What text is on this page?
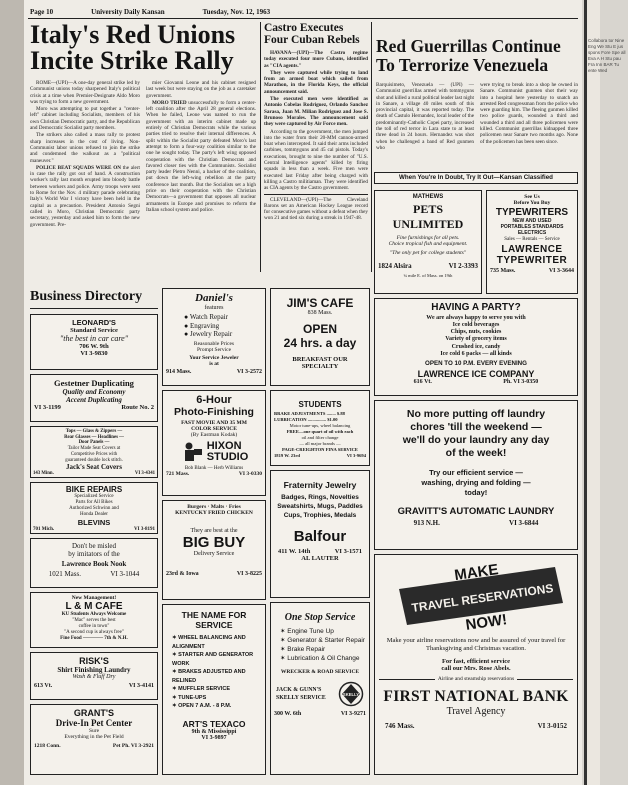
Page 10	University Daily Kansan	Tuesday, Nov. 12, 1963
Italy's Red Unions Incite Strike Rally

ROME—(UPI)—A one-day general strike led by Communist unions today sharpened Italy's political crisis at a time when Premier-Designate Aldo Moro was trying to form a new government.

Moro was attempting to put together a "center-left" cabinet including Socialists, members of his own Christian Democratic party, and the Republican and Democratic Socialist party members.

The strikers also called a mass rally to protest sharp increases in the cost of living. Non-Communist labor unions refused to join the strike and condemned the walkout as a "political maneuver."

POLICE BEAT SQUADS WERE ON the alert in case the rally got out of hand. A construction worker's rally last month erupted into bloody battle between workers and police. Army troops were sent to Rome for the Nov. 4 military parade celebrating Italy's World War I victory have been held in the capital as a precaution. President Antonio Segni called in Moro, Christian Democratic party secretary, yesterday and asked him to form the new government. Pre-

mier Giovanni Leone and his cabinet resigned last week but were staying on the job as a caretaker government.

MORO TRIED unsuccessfully to form a center-left coalition after the April 28 general elections. When he failed, Leone was named to run the government with an interim cabinet made up entirely of Christian Democrats while the various parties tried to resolve their internal differences. A split within the Socialist party defeated Moro's last attempt to form a four-way coalition similar to the one he sought today. The party's left wing opposed cooperation with the Christian Democrats and favored closer ties with the Communists. Socialist party leader Pietro Nenni, a backer of the coalition, put down the left-wing rebellion at the party conference last month. But the Socialists set a high price on their cooperation with the Christian Democrats—a government that opposes all nuclear armaments in Europe and promises to reform the Italian school system and police.

Castro Executes Four Cuban Rebels

HAVANA—(UPI)—The Castro regime today executed four more Cubans, identified as "CIA agents."

They were captured while trying to land from an armed boat which sailed from Marathon, in the Florida Keys, the official announcement said.

The executed men were identified as Antonio Cobelas Rodriguez, Orlando Sanchez Sarasa, Juan M. Milian Rodriguez and Jose S. Brunoso Morales. The announcement said they were captured by Air Force men.

According to the government, the men jumped into the water from their 20-MM cannon-armed boat when intercepted. It said their arms included carbines, tommyguns and 45 cal pistols. Today's executions, brought to nine the number of "U.S. Central Intelligence agents" killed by firing squads in less than a week. Five men were executed last Friday after being charged with killing a Castro militiaman. They were identified as CIA agents by the Castro government.

CLEVELAND—(UPI)—The Cleveland Barons set an American Hockey League record for consecutive games without a defeat when they won 21 and tied six during a streak in 1947-48.

Red Guerrillas Continue To Terrorize Venezuela
Barquisimeto, Venezuela — (UPI) —Communist guerrillas armed with tommyguns shot and killed a rural political leader last night in Sanare, a village 40 miles south of this provincial capital, it was reported today. The death of Castulo Hernandez, local leader of the predominantly-Catholic Copei party, increased the toll of red terror in Lara state to at least three dead in 24 hours. Hernandez was shot when he challenged a band of Red gunmen who
were trying to break into a shop he owned in Sanare. Communist gunmen shot their way into a hospital here yesterday to snatch an arrested Red congressman from the police who were guarding him. The fleeing gunmen killed two police guards, wounded a third and wounded a third and all three policemen were killed. Communist guerrillas kidnapped three policemen near Sanare two months ago. None of the policemen has been seen since.
When You're In Doubt, Try It Out—Kansan Classified
MATHEWS
PETS UNLIMITED
Fine furnishings for all pets.
Choice tropical fish and equipment.
"The only pet for college students"
1824 Alsira	VI 2-3393
¾ mile E. of Mass. on 19th
See Us
Before You Buy
TYPEWRITERS
NEW AND USED
PORTABLES STANDARDS
ELECTRICS
Sales — Rentals — Service
LAWRENCE
TYPEWRITER
735 Mass.	VI 3-3644
HAVING A PARTY?
We are always happy to serve you with
Ice cold beverages
Chips, nuts, cookies
Variety of grocery items
Crushed ice, candy
Ice cold 6 packs — all kinds
OPEN TO 10 P.M. EVERY EVENING
LAWRENCE ICE COMPANY
616 Vt.	Ph. VI 3-0350
No more putting off laundry
chores 'till the weekend —
we'll do your laundry any day
of the week!
Try our efficient service —
washing, drying and folding —
today!
GRAVITT'S AUTOMATIC LAUNDRY
913 N.H.	VI 3-6844
MAKE
TRAVEL RESERVATIONS
NOW!
Make your airline reservations now and be assured of your travel for Thanksgiving and Christmas vacation.
For fast, efficient service
call our Mrs. Rose Abels.
Airline and steamship reservations
FIRST NATIONAL BANK
Travel Agency
746 Mass.	VI 3-0152
Business Directory
LEONARD'S
Standard Service
"the best in car care"
706 W. 9th
VI 3-9830
Gestetner Duplicating
Quality and Economy
Accent Duplicating
VI 3-1199	Route No. 2
Tops — Glass & Zippers —
Rear Glasses — Headlines —
Door Panels —
Tailor Made Seat Covers at
Competitive Prices with
guaranteed double lock stitch.
Jack's Seat Covers
143 Minn.	VI 3-4341
BIKE REPAIRS
Specialized Service
Parts for All Bikes
Authorized Schwinn and
Honda Dealer
BLEVINS
701 Mich.	VI 3-8191
Don't be misled
by imitators of the
Lawrence Book Nook
1021 Mass.	VI 3-1044
New Management!
L & M CAFE
KU Students Always Welcome
"Mac" serves the best
coffee in town"
"A second cup is always free"
Fine Food ———— 7th & N.H.
RISK'S
Shirt Finishing Laundry
Wash & Fluff Dry
613 Vt.	VI 3-4141
GRANT'S
Drive-In Pet Center
Sure
Everything in the Pet Field
1218 Conn.	Pet Ph. VI 3-2921
Daniel's
features
● Watch Repair
● Engraving
● Jewelry Repair
Reasonable Prices
Prompt Service
Your Service Jeweler
is at
914 Mass.	VI 3-2572
6-Hour
Photo-Finishing
FAST MOVIE AND 35 MM
COLOR SERVICE
(By Eastman Kodak)
HIXON
STUDIO
Bob Blank — Herb Williams
721 Mass.	VI 3-0330
Burgers · Malts · Fries
KENTUCKY FRIED CHICKEN
They are best at the
BIG BUY
Delivery Service
23rd & Iowa	VI 3-8225
THE NAME FOR
SERVICE
✶ WHEEL BALANCING AND ALIGNMENT
✶ STARTER AND GENERATOR WORK
✶ BRAKES ADJUSTED AND RELINED
✶ MUFFLER SERVICE
✶ TUNE-UPS
✶ OPEN 7 A.M. - 8 P.M.
ART'S TEXACO
9th & Mississippi
VI 3-9897
JIM'S CAFE
838 Mass.
OPEN
24 hrs. a day
BREAKFAST OUR
SPECIALTY
STUDENTS
BRAKE ADJUSTMENTS ........ $.88
LUBRICATION ................ $1.00
Motor tune-ups, wheel balancing
FREE—one quart of oil with each
oil and filter change
— all major brands —
PAGE-CREIGHTON FINA SERVICE
1819 W. 23rd	VI 3-9694
Fraternity Jewelry
Badges, Rings, Novelties
Sweatshirts, Mugs, Paddles
Cups, Trophies, Medals
Balfour
411 W. 14th	VI 3-1571
AL LAUTER
One Stop Service
✶ Engine Tune Up
✶ Generator & Starter Repair
✶ Brake Repair
✶ Lubrication & Oil Change
WRECKER & ROAD SERVICE
JACK & GUNN'S
SKELLY SERVICE
SKELLY
300 W. 6th	VI 3-9271
Collabora tor Nine Eng We Stu E jus spons Fore Spe all Eva A H Stu pau Fra Inn BAR Tu ente Wed
